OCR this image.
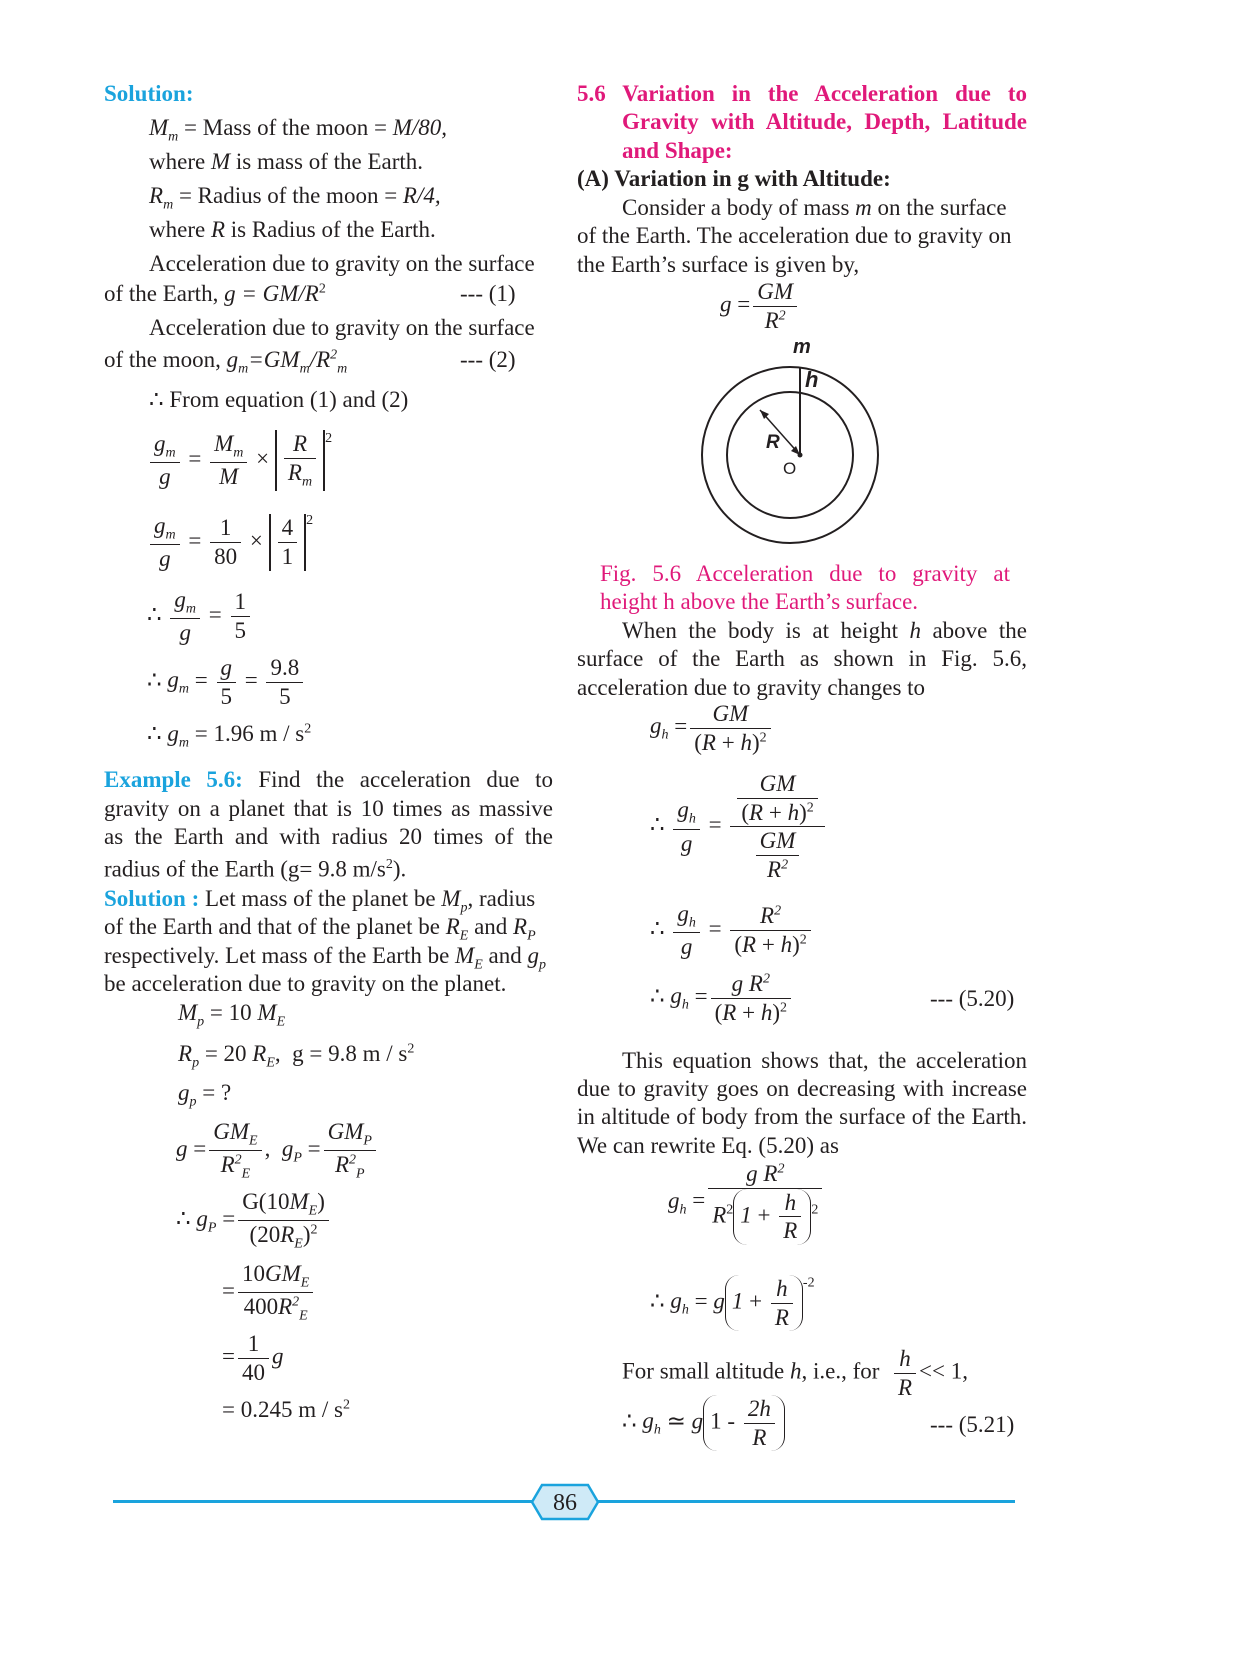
Solution:
$M_m$ = Mass of the moon = M/80,
where M is mass of the Earth.
$R_m$ = Radius of the moon = R/4,
where R is Radius of the Earth.
Acceleration due to gravity on the surface
of the Earth, $g = GM/R^2$	--- (1)
Acceleration due to gravity on the surface
of the moon, $g_m=GM_m/R^2_m$	--- (2)
∴ From equation (1) and (2)
$\frac{g_m}{g} = \frac{M_m}{M} \times \frac{R}{R_m} ^2$
$\frac{g_m}{g} = \frac{1}{80} \times \frac{4}{1} ^2$
∴ $\frac{g_m}{g} = \frac{1}{5}$
∴ $g_m = \frac{g}{5} = \frac{9.8}{5}$
∴ $g_m = 1.96$ m / $s^2$
Example 5.6: Find the acceleration due to
gravity on a planet that is 10 times as massive
as the Earth and with radius 20 times of the
radius of the Earth (g= 9.8 $m/s^2$).
Solution : Let mass of the planet be $M_p$, radius
of the Earth and that of the planet be $R_E$ and $R_P$
respectively. Let mass of the Earth be $M_E$ and $g_p$
be acceleration due to gravity on the planet.
$M_p = 10$ $M_E$
$R_p = 20$ $R_E$,  g = 9.8 m / $s^2$
$g_p$ = ?
$g = \frac{GM_E}{R^2_E}$ ,  $g_P = \frac{GM_P}{R^2_P}$
∴ $g_P = \frac{G(10M_E)}{(20R_E)^2}$
= $\frac{10GM_E}{400R^2_E}$
= $\frac{1}{40}$ g
= 0.245 m / $s^2$
5.6 Variation in the Acceleration due to
Gravity with Altitude, Depth, Latitude
and Shape:
(A) Variation in g with Altitude:
Consider a body of mass m on the surface
of the Earth. The acceleration due to gravity on
the Earth’s surface is given by,
$g = \frac{GM}{R^2}$
m
h
R
O
Fig. 5.6 Acceleration due to gravity at
height h above the Earth’s surface.
When the body is at height h above the
surface of the Earth as shown in Fig. 5.6,
acceleration due to gravity changes to
$g_h = \frac{GM}{(R + h)^2}$
∴ $\frac{g_h}{g} = \frac{\frac{GM}{(R + h)^2}}{\frac{GM}{R^2}}$
∴ $\frac{g_h}{g} = \frac{R^2}{(R + h)^2}$
∴ $g_h = \frac{g R^2}{(R + h)^2}$	--- (5.20)
This equation shows that, the acceleration
due to gravity goes on decreasing with increase
in altitude of body from the surface of the Earth.
We can rewrite Eq. (5.20) as
$g_h = \frac{g R^2}{R^2 1 + \frac{h}{R} ^2}$
∴ $g_h = g$ $1 + \frac{h}{R} ^{-2}$
For small altitude h, i.e., for $\frac{h}{R} << 1$,
∴ $g_h$ ≃ g $1 - \frac{2h}{R}$	--- (5.21)
86
